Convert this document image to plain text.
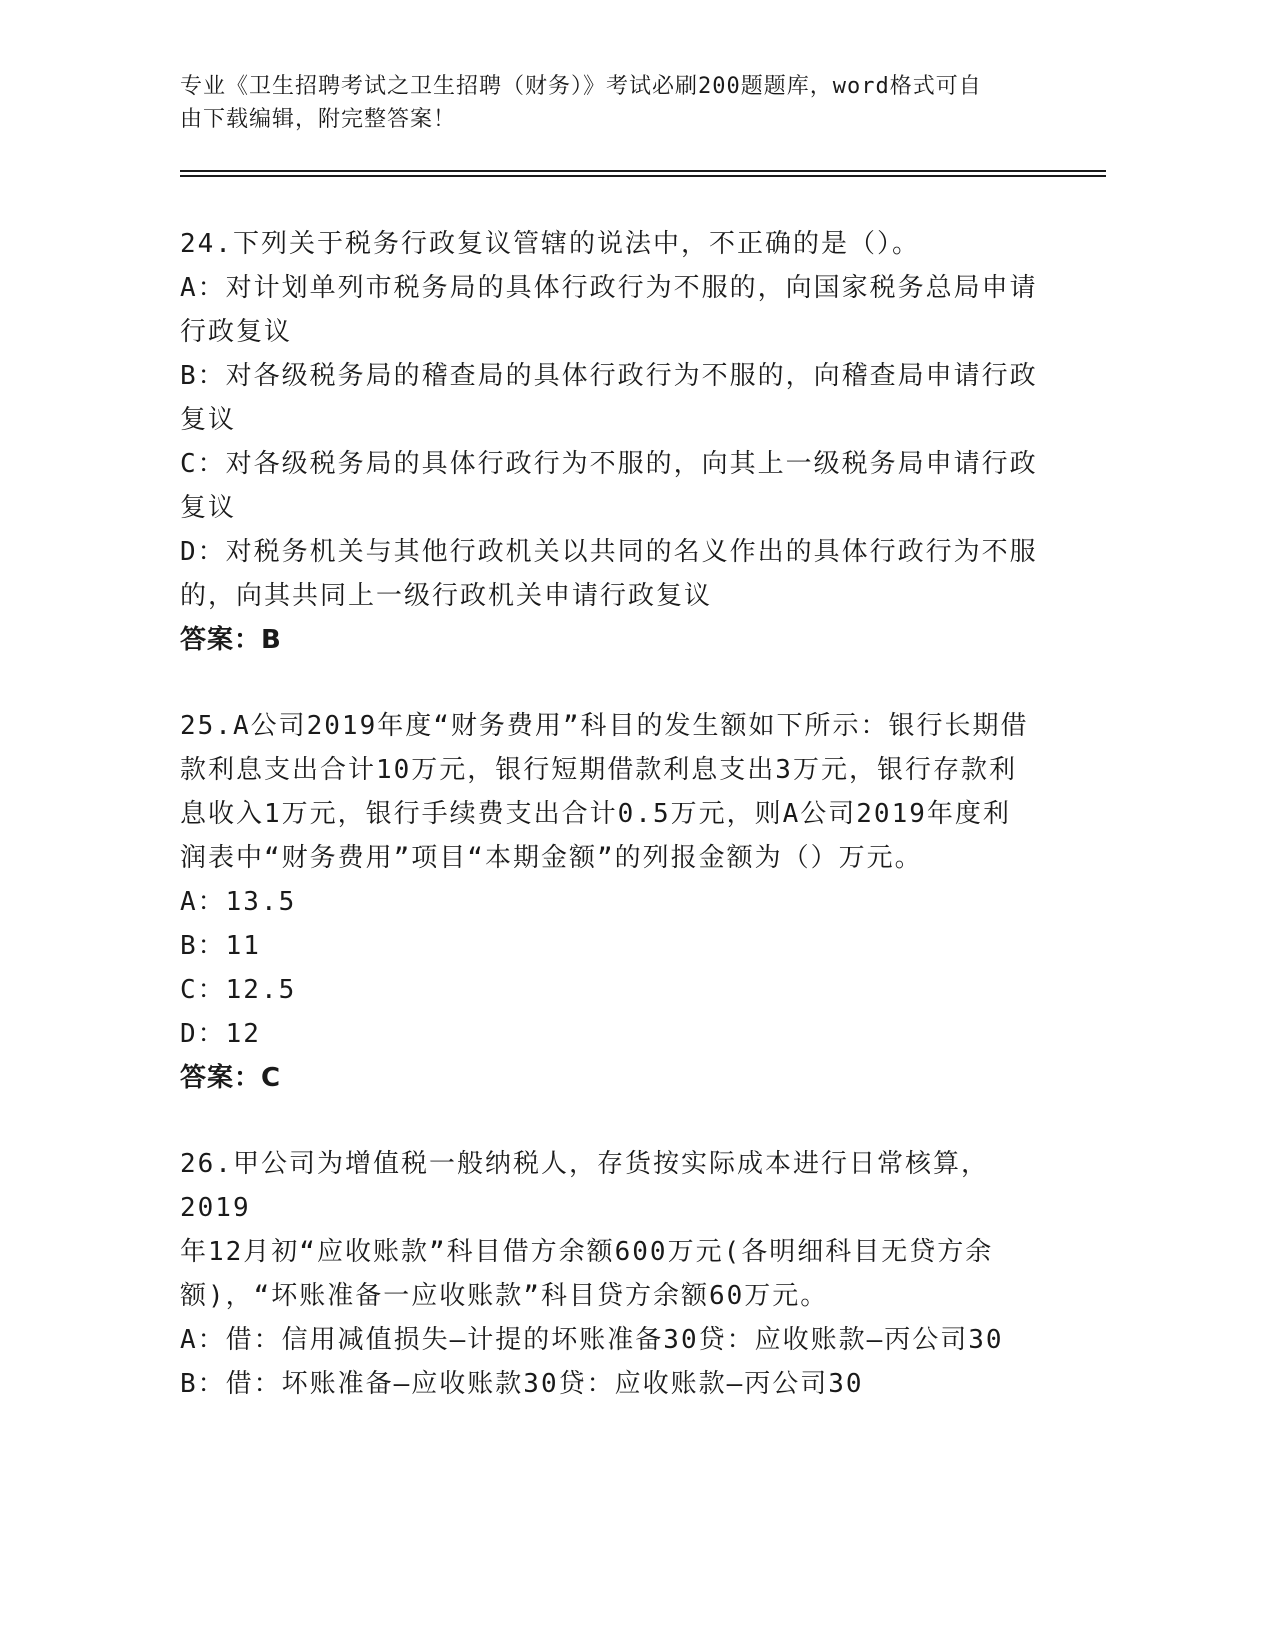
专业《卫生招聘考试之卫生招聘（财务）》考试必刷200题题库，word格式可自
由下载编辑，附完整答案！

24.下列关于税务行政复议管辖的说法中，不正确的是（）。

A：对计划单列市税务局的具体行政行为不服的，向国家税务总局申请

行政复议

B：对各级税务局的稽查局的具体行政行为不服的，向稽查局申请行政

复议

C：对各级税务局的具体行政行为不服的，向其上一级税务局申请行政

复议

D：对税务机关与其他行政机关以共同的名义作出的具体行政行为不服

的，向其共同上一级行政机关申请行政复议

答案：B

25.A公司2019年度“财务费用”科目的发生额如下所示：银行长期借

款利息支出合计10万元，银行短期借款利息支出3万元，银行存款利

息收入1万元，银行手续费支出合计0.5万元，则A公司2019年度利

润表中“财务费用”项目“本期金额”的列报金额为（）万元。

A：13.5

B：11

C：12.5

D：12

答案：C

26.甲公司为增值税一般纳税人，存货按实际成本进行日常核算，2019

年12月初“应收账款”科目借方余额600万元(各明细科目无贷方余

额)，“坏账准备一应收账款”科目贷方余额60万元。

A：借：信用减值损失—计提的坏账准备30贷：应收账款—丙公司30

B：借：坏账准备—应收账款30贷：应收账款—丙公司30
